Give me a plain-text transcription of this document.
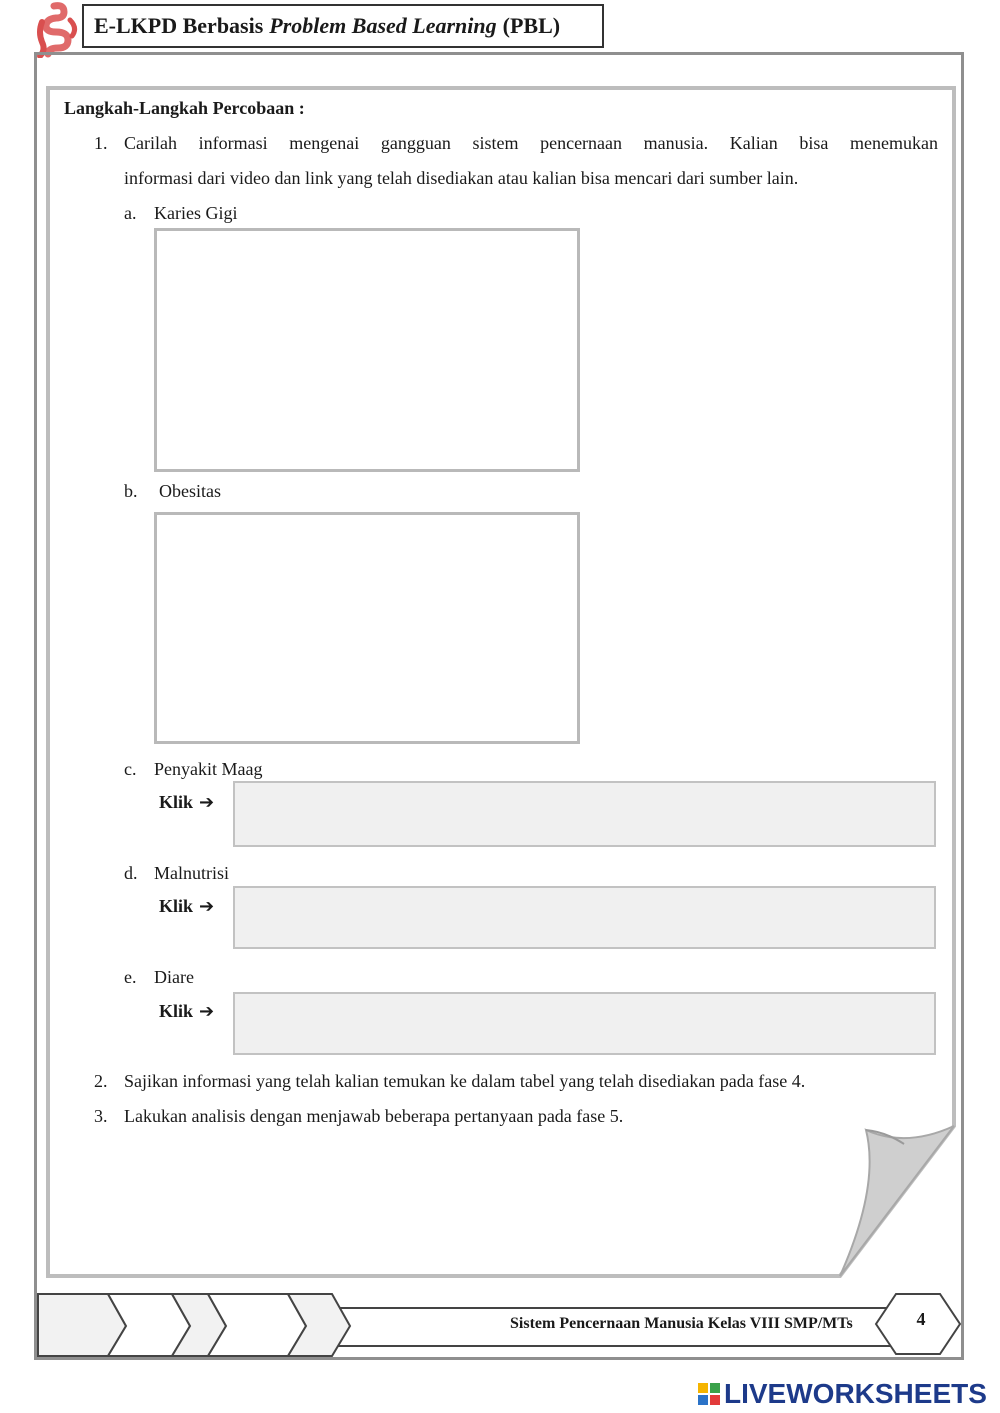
E-LKPD Berbasis Problem Based Learning (PBL)
Langkah-Langkah Percobaan :
1. Carilah informasi mengenai gangguan sistem pencernaan manusia. Kalian bisa menemukan
informasi dari video dan link yang telah disediakan atau kalian bisa mencari dari sumber lain.
a. Karies Gigi
b. Obesitas
c. Penyakit Maag
Klik ➔
d. Malnutrisi
Klik ➔
e. Diare
Klik ➔
2. Sajikan informasi yang telah kalian temukan ke dalam tabel yang telah disediakan pada fase 4.
3. Lakukan analisis dengan menjawab beberapa pertanyaan pada fase 5.
Sistem Pencernaan Manusia Kelas VIII SMP/MTs	4
LIVEWORKSHEETS
